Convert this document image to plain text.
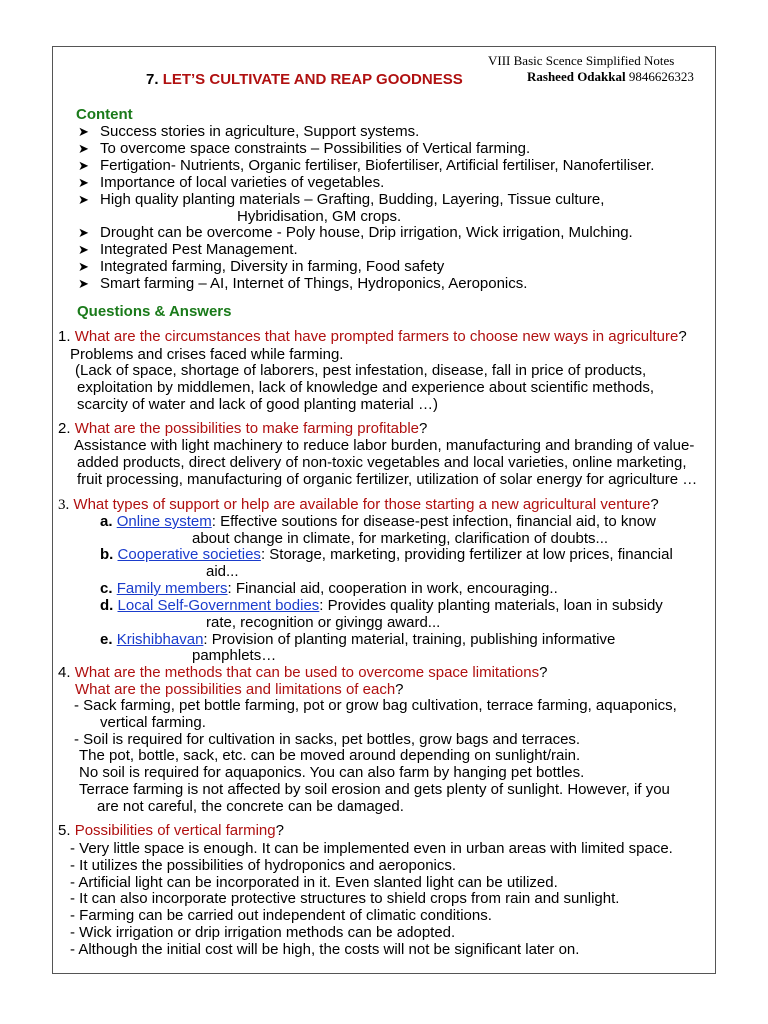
VIII Basic Scence Simplified Notes
7. LET’S CULTIVATE AND REAP GOODNESS	Rasheed Odakkal 9846626323
Content
➤ Success stories in agriculture, Support systems.
➤ To overcome space constraints – Possibilities of Vertical farming.
➤ Fertigation- Nutrients, Organic fertiliser, Biofertiliser, Artificial fertiliser, Nanofertiliser.
➤ Importance of local varieties of vegetables.
➤ High quality planting materials – Grafting, Budding, Layering, Tissue culture,
Hybridisation, GM crops.
➤ Drought can be overcome - Poly house, Drip irrigation, Wick irrigation, Mulching.
➤ Integrated Pest Management.
➤ Integrated farming, Diversity in farming, Food safety
➤ Smart farming – AI, Internet of Things, Hydroponics, Aeroponics.
Questions & Answers
1. What are the circumstances that have prompted farmers to choose new ways in agriculture?
Problems and crises faced while farming.
(Lack of space, shortage of laborers, pest infestation, disease, fall in price of products,
exploitation by middlemen, lack of knowledge and experience about scientific methods,
scarcity of water and lack of good planting material …)
2. What are the possibilities to make farming profitable?
Assistance with light machinery to reduce labor burden, manufacturing and branding of value-
added products, direct delivery of non-toxic vegetables and local varieties, online marketing,
fruit processing, manufacturing of organic fertilizer, utilization of solar energy for agriculture …
3. What types of support or help are available for those starting a new agricultural venture?
a. Online system: Effective soutions for disease-pest infection, financial aid, to know
about change in climate, for marketing, clarification of doubts...
b. Cooperative societies: Storage, marketing, providing fertilizer at low prices, financial
aid...
c. Family members: Financial aid, cooperation in work, encouraging..
d. Local Self-Government bodies: Provides quality planting materials, loan in subsidy
rate, recognition or givingg award...
e. Krishibhavan: Provision of planting material, training, publishing informative
pamphlets…
4. What are the methods that can be used to overcome space limitations?
What are the possibilities and limitations of each?
- Sack farming, pet bottle farming, pot or grow bag cultivation, terrace farming, aquaponics,
vertical farming.
- Soil is required for cultivation in sacks, pet bottles, grow bags and terraces.
The pot, bottle, sack, etc. can be moved around depending on sunlight/rain.
No soil is required for aquaponics. You can also farm by hanging pet bottles.
Terrace farming is not affected by soil erosion and gets plenty of sunlight. However, if you
are not careful, the concrete can be damaged.
5. Possibilities of vertical farming?
- Very little space is enough. It can be implemented even in urban areas with limited space.
- It utilizes the possibilities of hydroponics and aeroponics.
- Artificial light can be incorporated in it. Even slanted light can be utilized.
- It can also incorporate protective structures to shield crops from rain and sunlight.
- Farming can be carried out independent of climatic conditions.
- Wick irrigation or drip irrigation methods can be adopted.
- Although the initial cost will be high, the costs will not be significant later on.
